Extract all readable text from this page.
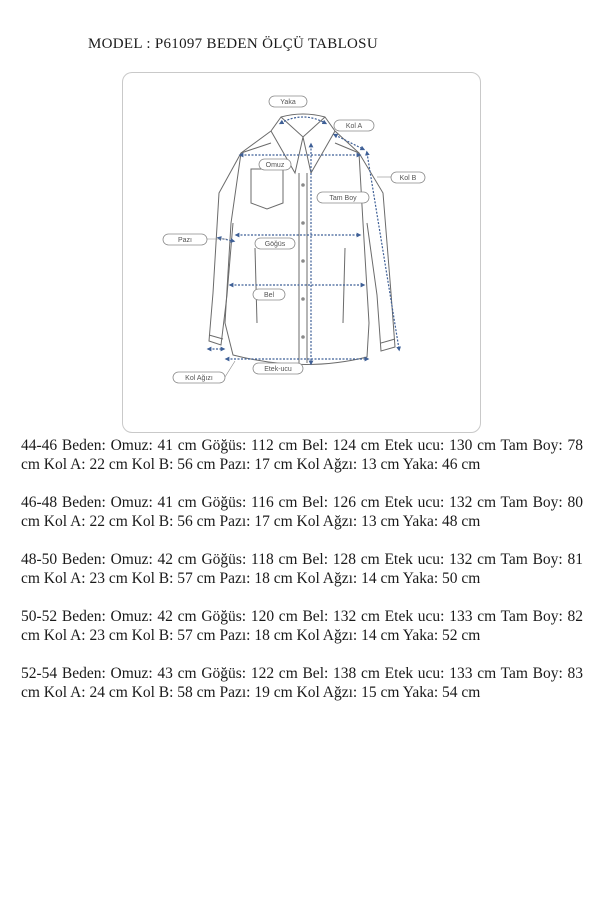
MODEL : P61097 BEDEN ÖLÇÜ TABLOSU
Yaka
Kol A
Kol B
Omuz
Tam Boy
Pazı
Göğüs
Bel
Kol Ağızı
Etek-ucu

44-46 Beden: Omuz: 41 cm Göğüs: 112 cm Bel: 124 cm Etek ucu: 130 cm Tam Boy: 78 cm Kol A: 22 cm Kol B: 56 cm Pazı: 17 cm Kol Ağzı: 13 cm Yaka: 46 cm

46-48 Beden: Omuz: 41 cm Göğüs: 116 cm Bel: 126 cm Etek ucu: 132 cm Tam Boy: 80 cm Kol A: 22 cm Kol B: 56 cm Pazı: 17 cm Kol Ağzı: 13 cm Yaka: 48 cm

48-50 Beden: Omuz: 42 cm Göğüs: 118 cm Bel: 128 cm Etek ucu: 132 cm Tam Boy: 81 cm Kol A: 23 cm Kol B: 57 cm Pazı: 18 cm Kol Ağzı: 14 cm Yaka: 50 cm

50-52 Beden: Omuz: 42 cm Göğüs: 120 cm Bel: 132 cm Etek ucu: 133 cm Tam Boy: 82 cm Kol A: 23 cm Kol B: 57 cm Pazı: 18 cm Kol Ağzı: 14 cm Yaka: 52 cm

52-54 Beden: Omuz: 43 cm Göğüs: 122 cm Bel: 138 cm Etek ucu: 133 cm Tam Boy: 83 cm Kol A: 24 cm Kol B: 58 cm Pazı: 19 cm Kol Ağzı: 15 cm Yaka: 54 cm
